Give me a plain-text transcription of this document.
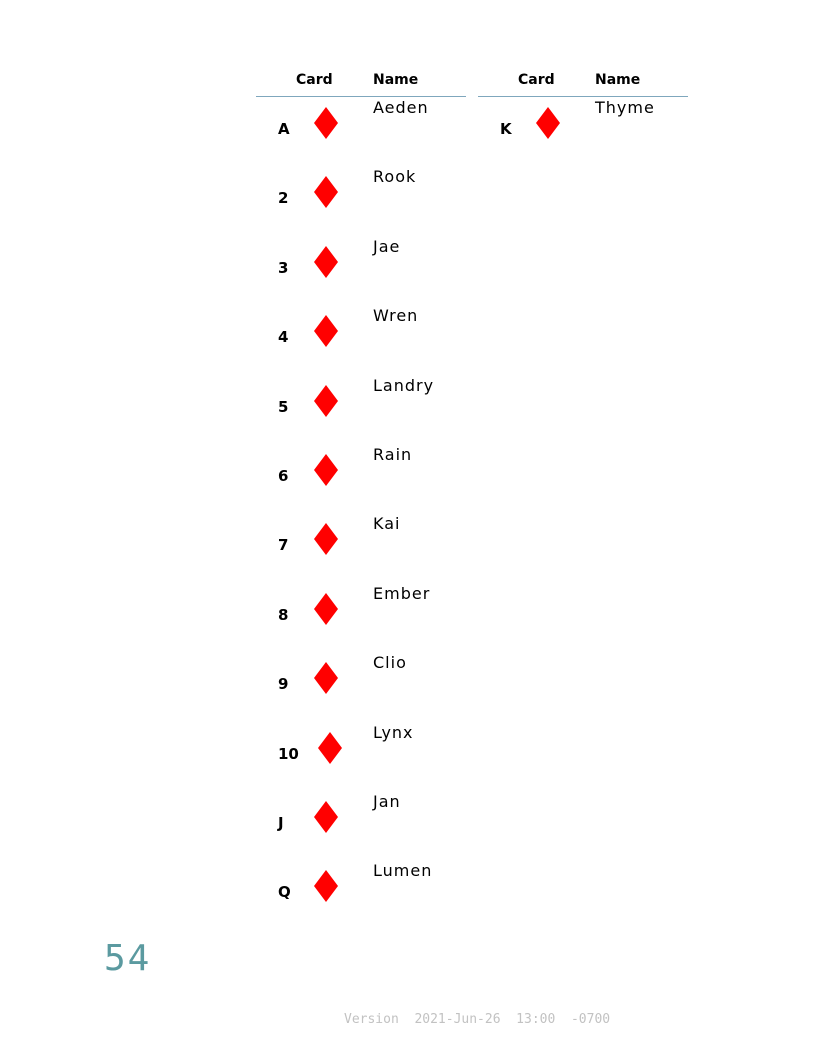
Card	Name
A
Aeden
2
Rook
3
Jae
4
Wren
5
Landry
6
Rain
7
Kai
8
Ember
9
Clio
10
Lynx
J
Jan
Q
Lumen
Card	Name
K
Thyme
54
Version  2021-Jun-26  13:00  -0700
